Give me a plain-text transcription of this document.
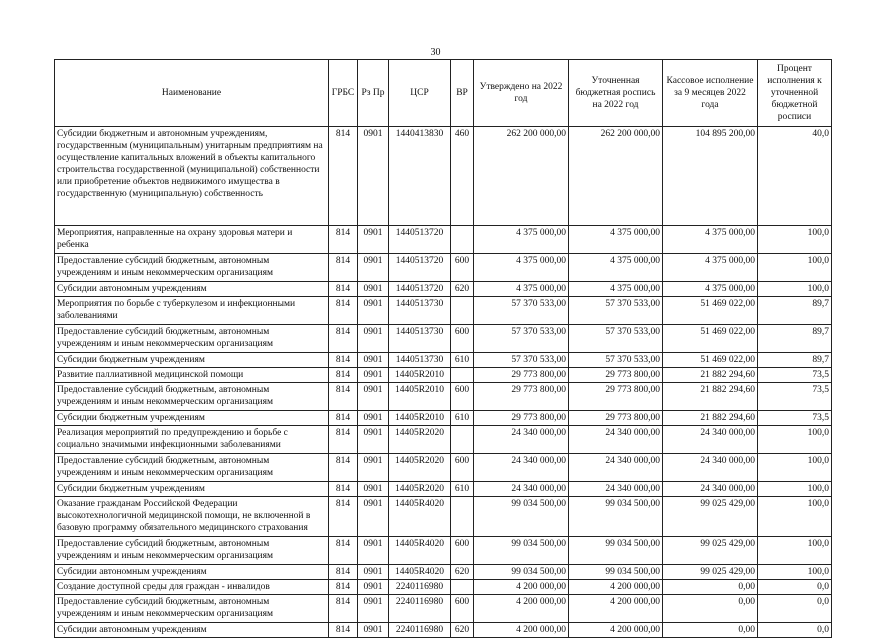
30
Наименование	ГРБС	Рз Пр	ЦСР	ВР	Утверждено на 2022 год	Уточненная бюджетная роспись на 2022 год	Кассовое исполнение за 9 месяцев 2022 года	Процент исполнения к уточненной бюджетной росписи
Субсидии бюджетным и автономным учреждениям, государственным (муниципальным) унитарным предприятиям на осуществление капитальных вложений в объекты капитального строительства государственной (муниципальной) собственности или приобретение объектов недвижимого имущества в государственную (муниципальную) собственность	814	0901	1440413830	460	262 200 000,00	262 200 000,00	104 895 200,00	40,0
Мероприятия, направленные на охрану здоровья матери и ребенка	814	0901	1440513720		4 375 000,00	4 375 000,00	4 375 000,00	100,0
Предоставление субсидий бюджетным, автономным учреждениям и иным некоммерческим организациям	814	0901	1440513720	600	4 375 000,00	4 375 000,00	4 375 000,00	100,0
Субсидии автономным учреждениям	814	0901	1440513720	620	4 375 000,00	4 375 000,00	4 375 000,00	100,0
Мероприятия по борьбе с туберкулезом и инфекционными заболеваниями	814	0901	1440513730		57 370 533,00	57 370 533,00	51 469 022,00	89,7
Предоставление субсидий бюджетным, автономным учреждениям и иным некоммерческим организациям	814	0901	1440513730	600	57 370 533,00	57 370 533,00	51 469 022,00	89,7
Субсидии бюджетным учреждениям	814	0901	1440513730	610	57 370 533,00	57 370 533,00	51 469 022,00	89,7
Развитие паллиативной медицинской помощи	814	0901	14405R2010		29 773 800,00	29 773 800,00	21 882 294,60	73,5
Предоставление субсидий бюджетным, автономным учреждениям и иным некоммерческим организациям	814	0901	14405R2010	600	29 773 800,00	29 773 800,00	21 882 294,60	73,5
Субсидии бюджетным учреждениям	814	0901	14405R2010	610	29 773 800,00	29 773 800,00	21 882 294,60	73,5
Реализация мероприятий по предупреждению и борьбе с социально значимыми инфекционными заболеваниями	814	0901	14405R2020		24 340 000,00	24 340 000,00	24 340 000,00	100,0
Предоставление субсидий бюджетным, автономным учреждениям и иным некоммерческим организациям	814	0901	14405R2020	600	24 340 000,00	24 340 000,00	24 340 000,00	100,0
Субсидии бюджетным учреждениям	814	0901	14405R2020	610	24 340 000,00	24 340 000,00	24 340 000,00	100,0
Оказание гражданам Российской Федерации высокотехнологичной медицинской помощи, не включенной в базовую программу обязательного медицинского страхования	814	0901	14405R4020		99 034 500,00	99 034 500,00	99 025 429,00	100,0
Предоставление субсидий бюджетным, автономным учреждениям и иным некоммерческим организациям	814	0901	14405R4020	600	99 034 500,00	99 034 500,00	99 025 429,00	100,0
Субсидии автономным учреждениям	814	0901	14405R4020	620	99 034 500,00	99 034 500,00	99 025 429,00	100,0
Создание доступной среды для граждан - инвалидов	814	0901	2240116980		4 200 000,00	4 200 000,00	0,00	0,0
Предоставление субсидий бюджетным, автономным учреждениям и иным некоммерческим организациям	814	0901	2240116980	600	4 200 000,00	4 200 000,00	0,00	0,0
Субсидии автономным учреждениям	814	0901	2240116980	620	4 200 000,00	4 200 000,00	0,00	0,0
